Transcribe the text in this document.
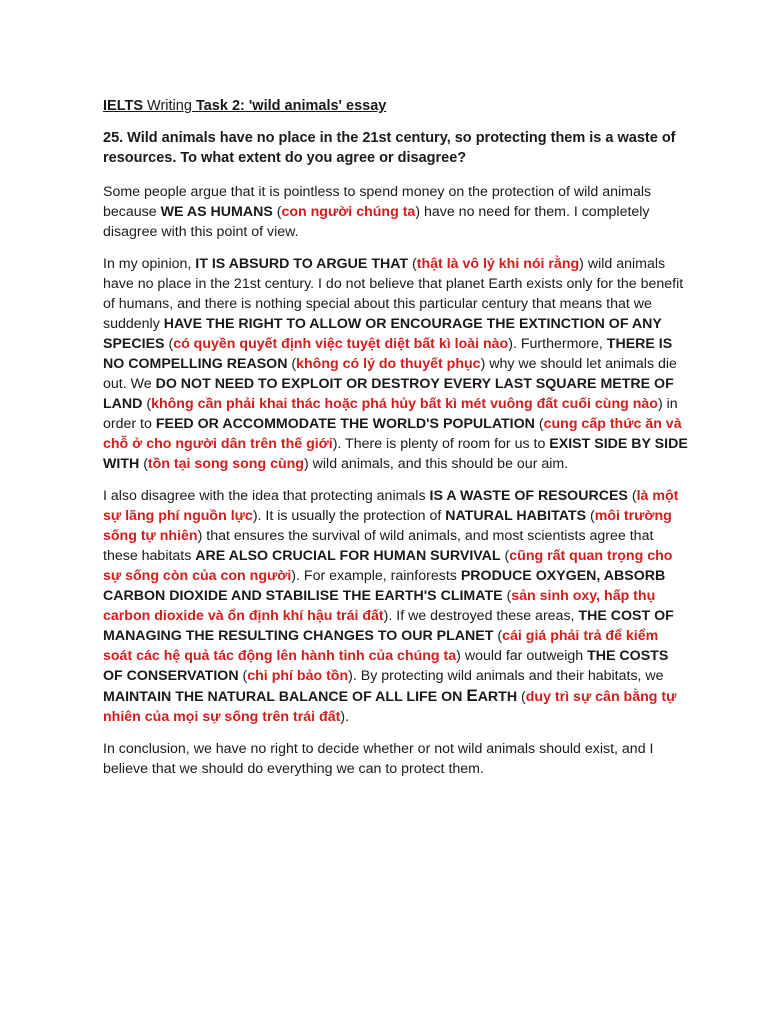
IELTS Writing Task 2: 'wild animals' essay
25. Wild animals have no place in the 21st century, so protecting them is a waste of resources. To what extent do you agree or disagree?

Some people argue that it is pointless to spend money on the protection of wild animals because WE AS HUMANS (con người chúng ta) have no need for them. I completely disagree with this point of view.

In my opinion, IT IS ABSURD TO ARGUE THAT (thật là vô lý khi nói rằng) wild animals have no place in the 21st century. I do not believe that planet Earth exists only for the benefit of humans, and there is nothing special about this particular century that means that we suddenly HAVE THE RIGHT TO ALLOW OR ENCOURAGE THE EXTINCTION OF ANY SPECIES (có quyền quyết định việc tuyệt diệt bất kì loài nào). Furthermore, THERE IS NO COMPELLING REASON (không có lý do thuyết phục) why we should let animals die out. We DO NOT NEED TO EXPLOIT OR DESTROY EVERY LAST SQUARE METRE OF LAND (không cần phải khai thác hoặc phá hủy bất kì mét vuông đất cuối cùng nào) in order to FEED OR ACCOMMODATE THE WORLD'S POPULATION (cung cấp thức ăn và chỗ ở cho người dân trên thế giới). There is plenty of room for us to EXIST SIDE BY SIDE WITH (tồn tại song song cùng) wild animals, and this should be our aim.

I also disagree with the idea that protecting animals IS A WASTE OF RESOURCES (là một sự lãng phí nguồn lực). It is usually the protection of NATURAL HABITATS (môi trường sống tự nhiên) that ensures the survival of wild animals, and most scientists agree that these habitats ARE ALSO CRUCIAL FOR HUMAN SURVIVAL (cũng rất quan trọng cho sự sống còn của con người). For example, rainforests PRODUCE OXYGEN, ABSORB CARBON DIOXIDE AND STABILISE THE EARTH'S CLIMATE (sản sinh oxy, hấp thụ carbon dioxide và ổn định khí hậu trái đất). If we destroyed these areas, THE COST OF MANAGING THE RESULTING CHANGES TO OUR PLANET (cái giá phải trả để kiểm soát các hệ quả tác động lên hành tinh của chúng ta) would far outweigh THE COSTS OF CONSERVATION (chi phí bảo tồn). By protecting wild animals and their habitats, we MAINTAIN THE NATURAL BALANCE OF ALL LIFE ON EARTH (duy trì sự cân bằng tự nhiên của mọi sự sống trên trái đất).

In conclusion, we have no right to decide whether or not wild animals should exist, and I believe that we should do everything we can to protect them.
